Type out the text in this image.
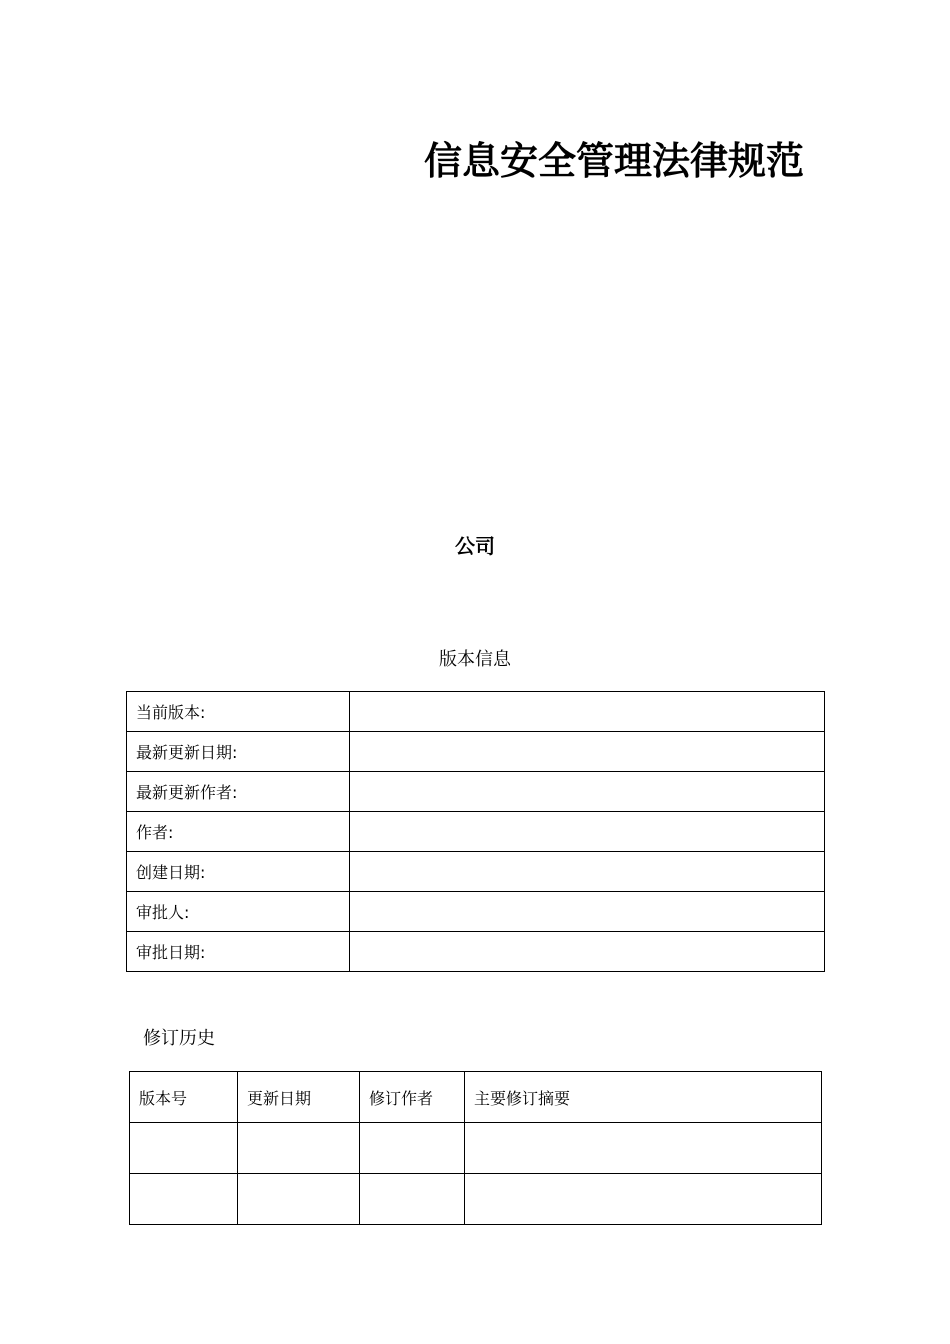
信息安全管理法律规范
公司
版本信息
当前版本:	
最新更新日期:	
最新更新作者:	
作者:	
创建日期:	
审批人:	
审批日期:	
修订历史
版本号	更新日期	修订作者	主要修订摘要
